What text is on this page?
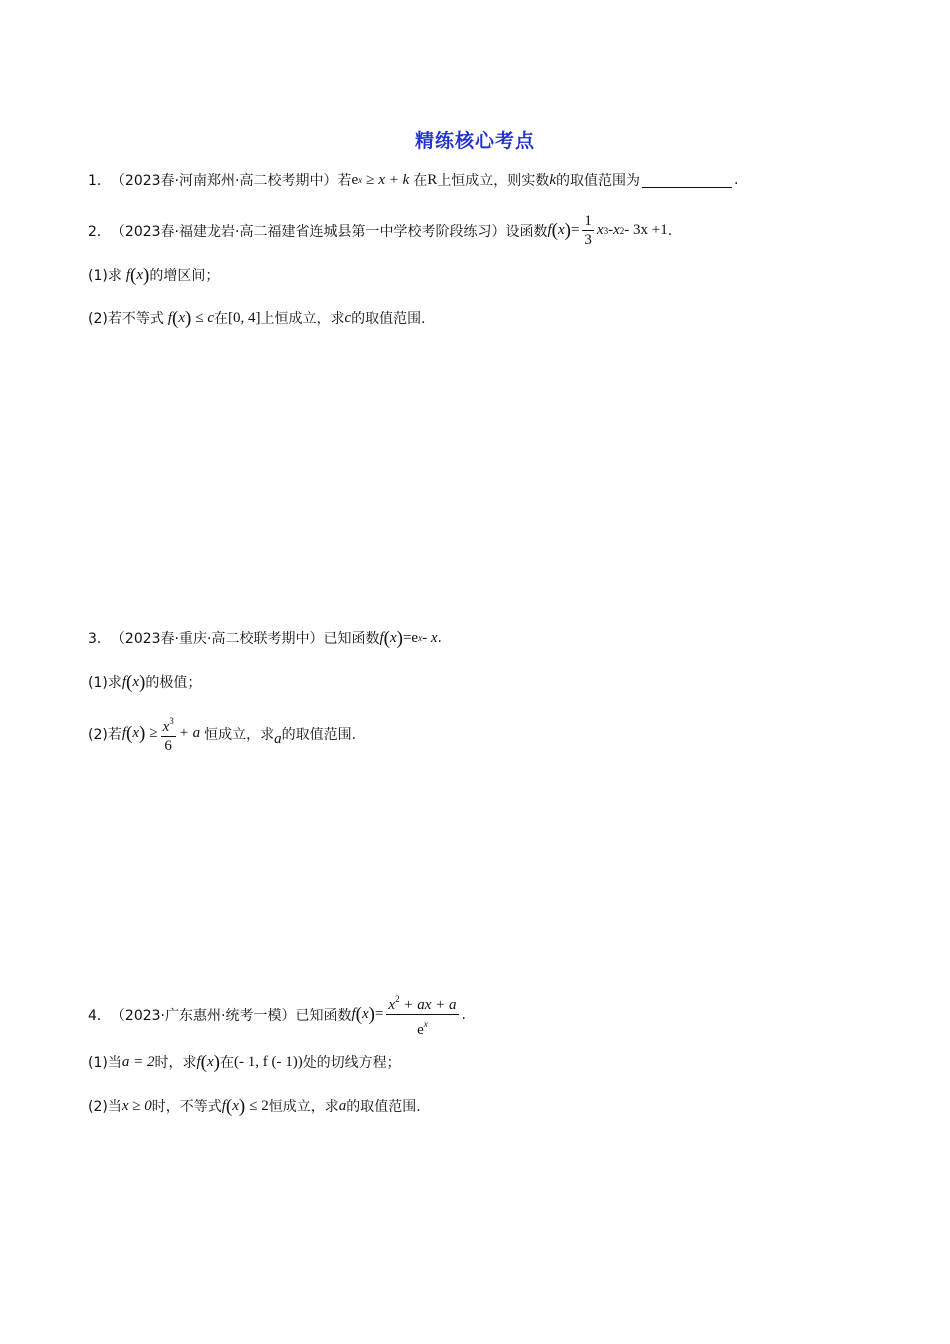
精练核心考点
1． （2023春·河南郑州·高二校考期中） 若 e x ≥ x + k 在 R 上恒成立，则实数 k 的取值范围为	.
2． （2023春·福建龙岩·高二福建省连城县第一中学校考阶段练习） 设函数 f ( x ) = $\frac{1}{3}$ x 3 - x 2 - 3x +1 .
(1)求 f ( x ) 的增区间；
(2)若不等式 f ( x ) ≤ c 在 [0, 4] 上恒成立，求 c 的取值范围.
3． （2023春·重庆·高二校联考期中） 已知函数 f ( x ) =e x - x .
(1)求 f ( x ) 的极值；
(2)若 f ( x ) ≥ $\frac{x^3}{6} + a$ 恒成立，求 a 的取值范围.
4． （2023·广东惠州·统考一模） 已知函数 f ( x ) = $\frac{x^2 + ax + a}{e^x}$ .
(1)当 a = 2 时，求 f ( x ) 在 (- 1, f (- 1)) 处的切线方程；
(2)当 x ≥ 0 时，不等式 f ( x ) ≤ 2 恒成立，求 a 的取值范围.
